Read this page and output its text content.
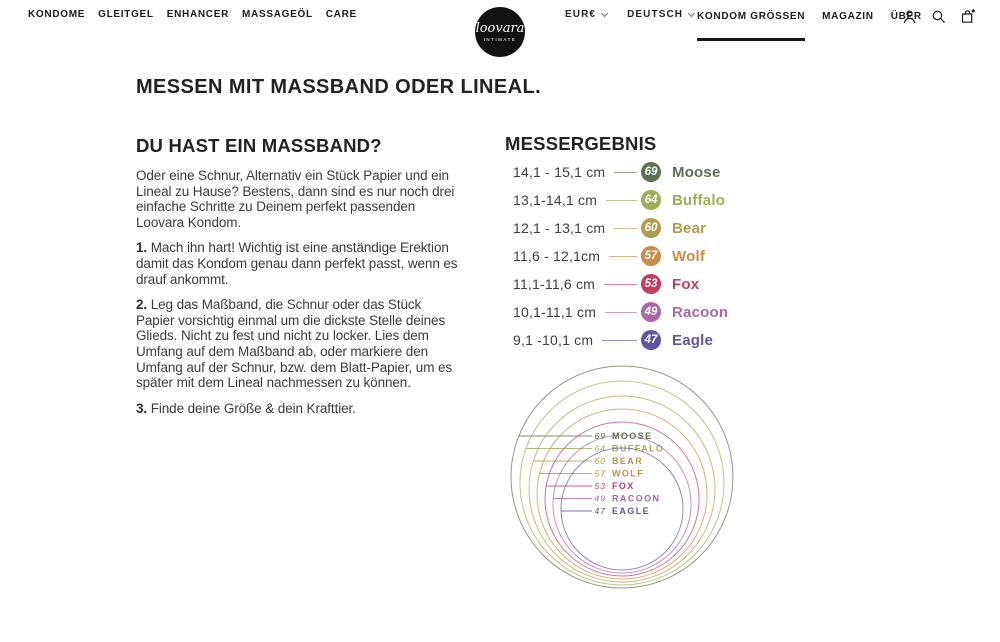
KONDOME GLEITGEL ENHANCER MASSAGEÖL CARE
loovara
INTIMATE
EUR€	DEUTSCH KONDOM GRÖSSEN MAGAZIN ÜBER
MESSEN MIT MASSBAND ODER LINEAL.
DU HAST EIN MASSBAND?

Oder eine Schnur, Alternativ ein Stück Papier und ein Lineal zu Hause? Bestens, dann sind es nur noch drei einfache Schritte zu Deinem perfekt passenden Loovara Kondom.

1. Mach ihn hart! Wichtig ist eine anständige Erektion damit das Kondom genau dann perfekt passt, wenn es drauf ankommt.

2. Leg das Maßband, die Schnur oder das Stück Papier vorsichtig einmal um die dickste Stelle deines Glieds. Nicht zu fest und nicht zu locker. Lies dem Umfang auf dem Maßband ab, oder markiere den Umfang auf der Schnur, bzw. dem Blatt-Papier, um es später mit dem Lineal nachmessen zu können.

3. Finde deine Größe & dein Krafttier.

MESSERGEBNIS
14,1 - 15,1 cm	69 Moose
13,1-14,1 cm	64 Buffalo
12,1 - 13,1 cm	60 Bear
11,6 - 12,1cm	57 Wolf
11,1-11,6 cm	53 Fox
10,1-11,1 cm	49 Racoon
9,1 -10,1 cm	47 Eagle
69 MOOSE
64 BUFFALO
60 BEAR
57 WOLF
53 FOX
49 RACOON
47 EAGLE
